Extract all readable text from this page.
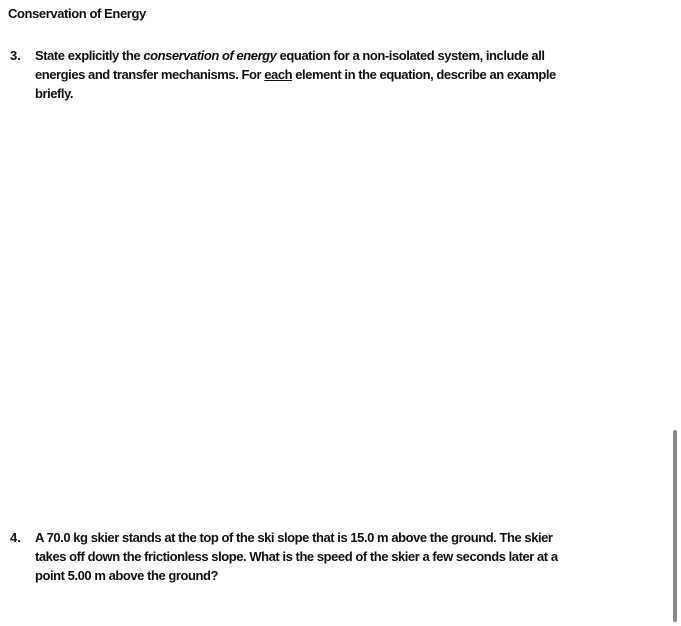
Conservation of Energy
3. State explicitly the conservation of energy equation for a non-isolated system, include all
energies and transfer mechanisms. For each element in the equation, describe an example
briefly.
4. A 70.0 kg skier stands at the top of the ski slope that is 15.0 m above the ground. The skier
takes off down the frictionless slope. What is the speed of the skier a few seconds later at a
point 5.00 m above the ground?
